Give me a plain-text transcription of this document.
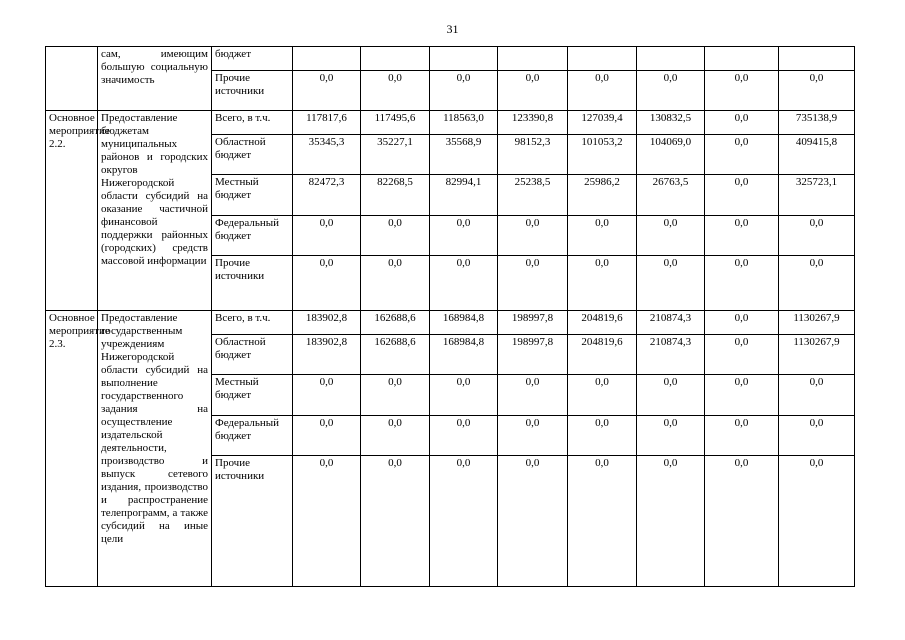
31
	сам, имеющим большую социальную значимость	бюджет								
		Прочие источники	0,0	0,0	0,0	0,0	0,0	0,0	0,0	0,0
Основное мероприятие 2.2.	Предоставление бюджетам муниципальных районов и городских округов Нижегородской области субсидий на оказание частичной финансовой поддержки районных (городских) средств массовой информации	Всего, в т.ч.	117817,6	117495,6	118563,0	123390,8	127039,4	130832,5	0,0	735138,9
		Областной бюджет	35345,3	35227,1	35568,9	98152,3	101053,2	104069,0	0,0	409415,8
		Местный бюджет	82472,3	82268,5	82994,1	25238,5	25986,2	26763,5	0,0	325723,1
		Федеральный бюджет	0,0	0,0	0,0	0,0	0,0	0,0	0,0	0,0
		Прочие источники	0,0	0,0	0,0	0,0	0,0	0,0	0,0	0,0
Основное мероприятие 2.3.	Предоставление государственным учреждениям Нижегородской области субсидий на выполнение государственного задания на осуществление издательской деятельности, производство и выпуск сетевого издания, производство и распространение телепрограмм, а также субсидий на иные цели	Всего, в т.ч.	183902,8	162688,6	168984,8	198997,8	204819,6	210874,3	0,0	1130267,9
		Областной бюджет	183902,8	162688,6	168984,8	198997,8	204819,6	210874,3	0,0	1130267,9
		Местный бюджет	0,0	0,0	0,0	0,0	0,0	0,0	0,0	0,0
		Федеральный бюджет	0,0	0,0	0,0	0,0	0,0	0,0	0,0	0,0
		Прочие источники	0,0	0,0	0,0	0,0	0,0	0,0	0,0	0,0
